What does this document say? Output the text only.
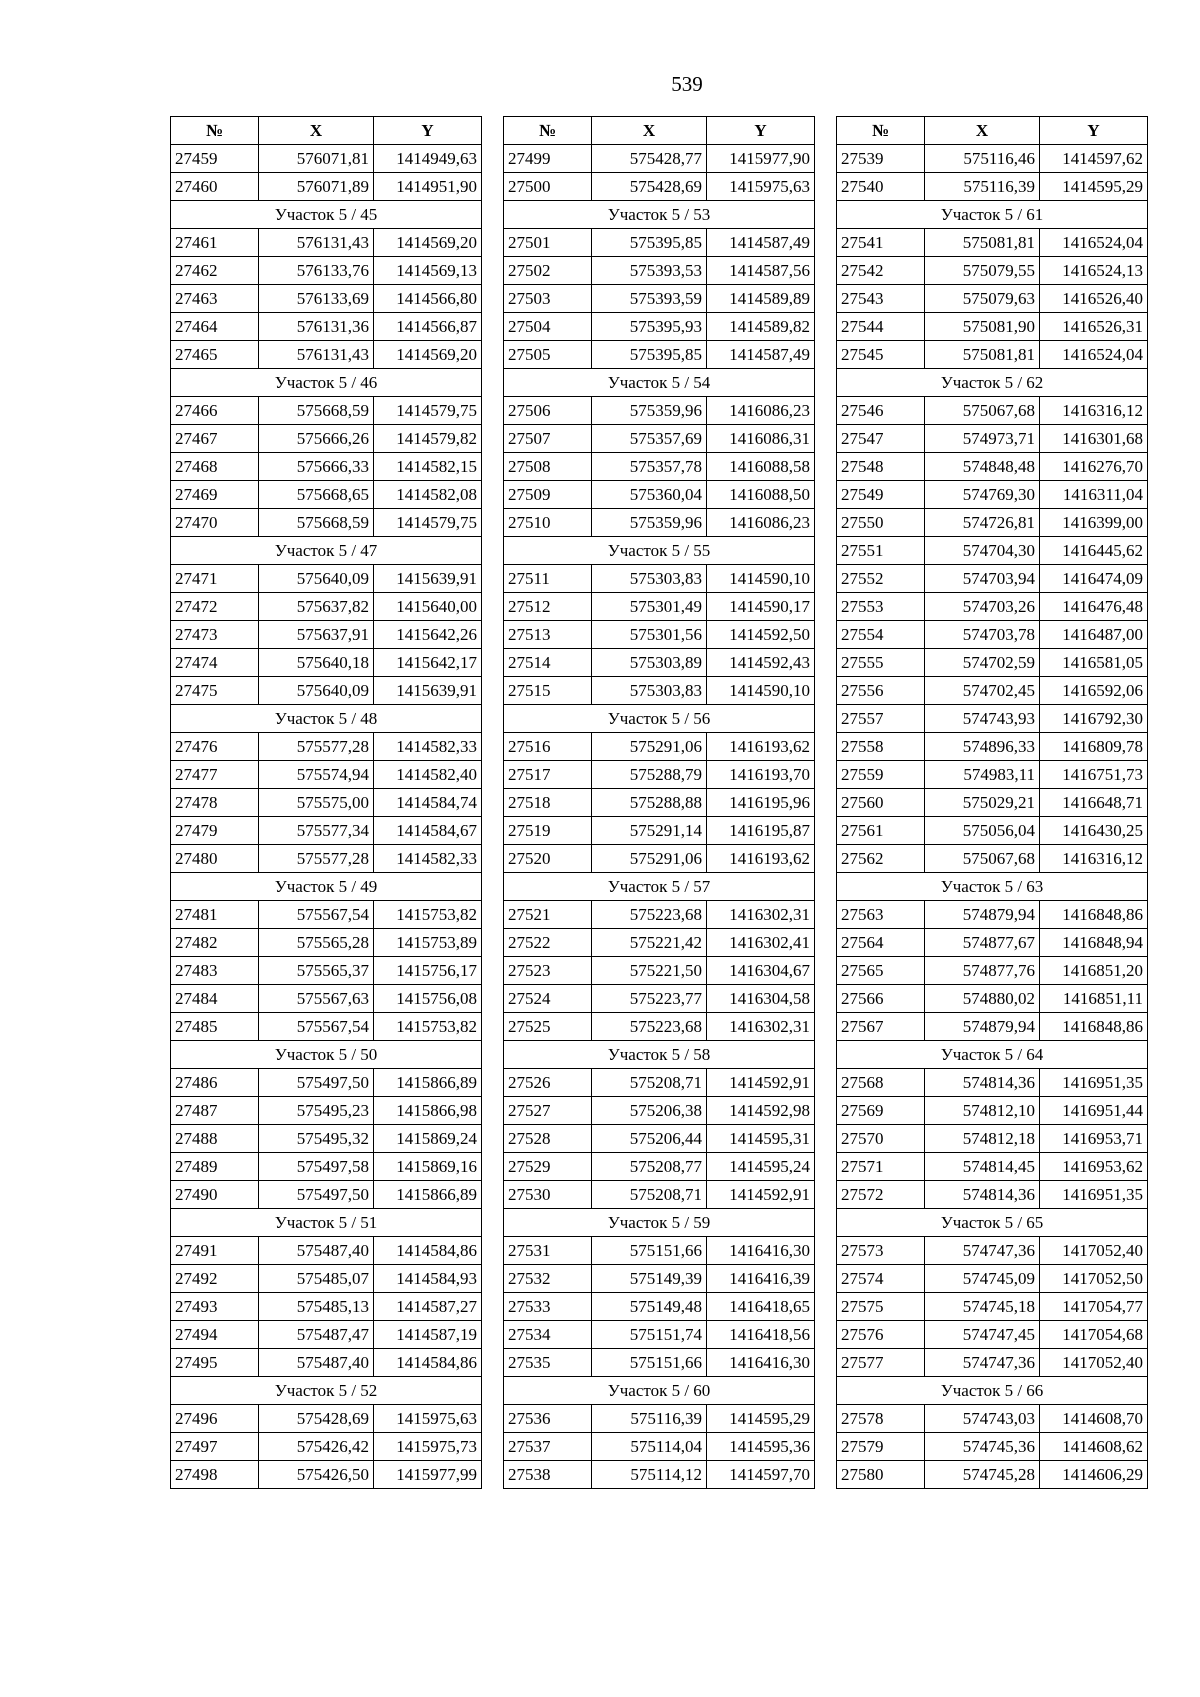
539
№	X	Y
27459	576071,81	1414949,63
27460	576071,89	1414951,90
Участок 5 / 45		
27461	576131,43	1414569,20
27462	576133,76	1414569,13
27463	576133,69	1414566,80
27464	576131,36	1414566,87
27465	576131,43	1414569,20
Участок 5 / 46		
27466	575668,59	1414579,75
27467	575666,26	1414579,82
27468	575666,33	1414582,15
27469	575668,65	1414582,08
27470	575668,59	1414579,75
Участок 5 / 47		
27471	575640,09	1415639,91
27472	575637,82	1415640,00
27473	575637,91	1415642,26
27474	575640,18	1415642,17
27475	575640,09	1415639,91
Участок 5 / 48		
27476	575577,28	1414582,33
27477	575574,94	1414582,40
27478	575575,00	1414584,74
27479	575577,34	1414584,67
27480	575577,28	1414582,33
Участок 5 / 49		
27481	575567,54	1415753,82
27482	575565,28	1415753,89
27483	575565,37	1415756,17
27484	575567,63	1415756,08
27485	575567,54	1415753,82
Участок 5 / 50		
27486	575497,50	1415866,89
27487	575495,23	1415866,98
27488	575495,32	1415869,24
27489	575497,58	1415869,16
27490	575497,50	1415866,89
Участок 5 / 51		
27491	575487,40	1414584,86
27492	575485,07	1414584,93
27493	575485,13	1414587,27
27494	575487,47	1414587,19
27495	575487,40	1414584,86
Участок 5 / 52		
27496	575428,69	1415975,63
27497	575426,42	1415975,73
27498	575426,50	1415977,99
№	X	Y
27499	575428,77	1415977,90
27500	575428,69	1415975,63
Участок 5 / 53		
27501	575395,85	1414587,49
27502	575393,53	1414587,56
27503	575393,59	1414589,89
27504	575395,93	1414589,82
27505	575395,85	1414587,49
Участок 5 / 54		
27506	575359,96	1416086,23
27507	575357,69	1416086,31
27508	575357,78	1416088,58
27509	575360,04	1416088,50
27510	575359,96	1416086,23
Участок 5 / 55		
27511	575303,83	1414590,10
27512	575301,49	1414590,17
27513	575301,56	1414592,50
27514	575303,89	1414592,43
27515	575303,83	1414590,10
Участок 5 / 56		
27516	575291,06	1416193,62
27517	575288,79	1416193,70
27518	575288,88	1416195,96
27519	575291,14	1416195,87
27520	575291,06	1416193,62
Участок 5 / 57		
27521	575223,68	1416302,31
27522	575221,42	1416302,41
27523	575221,50	1416304,67
27524	575223,77	1416304,58
27525	575223,68	1416302,31
Участок 5 / 58		
27526	575208,71	1414592,91
27527	575206,38	1414592,98
27528	575206,44	1414595,31
27529	575208,77	1414595,24
27530	575208,71	1414592,91
Участок 5 / 59		
27531	575151,66	1416416,30
27532	575149,39	1416416,39
27533	575149,48	1416418,65
27534	575151,74	1416418,56
27535	575151,66	1416416,30
Участок 5 / 60		
27536	575116,39	1414595,29
27537	575114,04	1414595,36
27538	575114,12	1414597,70
№	X	Y
27539	575116,46	1414597,62
27540	575116,39	1414595,29
Участок 5 / 61		
27541	575081,81	1416524,04
27542	575079,55	1416524,13
27543	575079,63	1416526,40
27544	575081,90	1416526,31
27545	575081,81	1416524,04
Участок 5 / 62		
27546	575067,68	1416316,12
27547	574973,71	1416301,68
27548	574848,48	1416276,70
27549	574769,30	1416311,04
27550	574726,81	1416399,00
27551	574704,30	1416445,62
27552	574703,94	1416474,09
27553	574703,26	1416476,48
27554	574703,78	1416487,00
27555	574702,59	1416581,05
27556	574702,45	1416592,06
27557	574743,93	1416792,30
27558	574896,33	1416809,78
27559	574983,11	1416751,73
27560	575029,21	1416648,71
27561	575056,04	1416430,25
27562	575067,68	1416316,12
Участок 5 / 63		
27563	574879,94	1416848,86
27564	574877,67	1416848,94
27565	574877,76	1416851,20
27566	574880,02	1416851,11
27567	574879,94	1416848,86
Участок 5 / 64		
27568	574814,36	1416951,35
27569	574812,10	1416951,44
27570	574812,18	1416953,71
27571	574814,45	1416953,62
27572	574814,36	1416951,35
Участок 5 / 65		
27573	574747,36	1417052,40
27574	574745,09	1417052,50
27575	574745,18	1417054,77
27576	574747,45	1417054,68
27577	574747,36	1417052,40
Участок 5 / 66		
27578	574743,03	1414608,70
27579	574745,36	1414608,62
27580	574745,28	1414606,29
